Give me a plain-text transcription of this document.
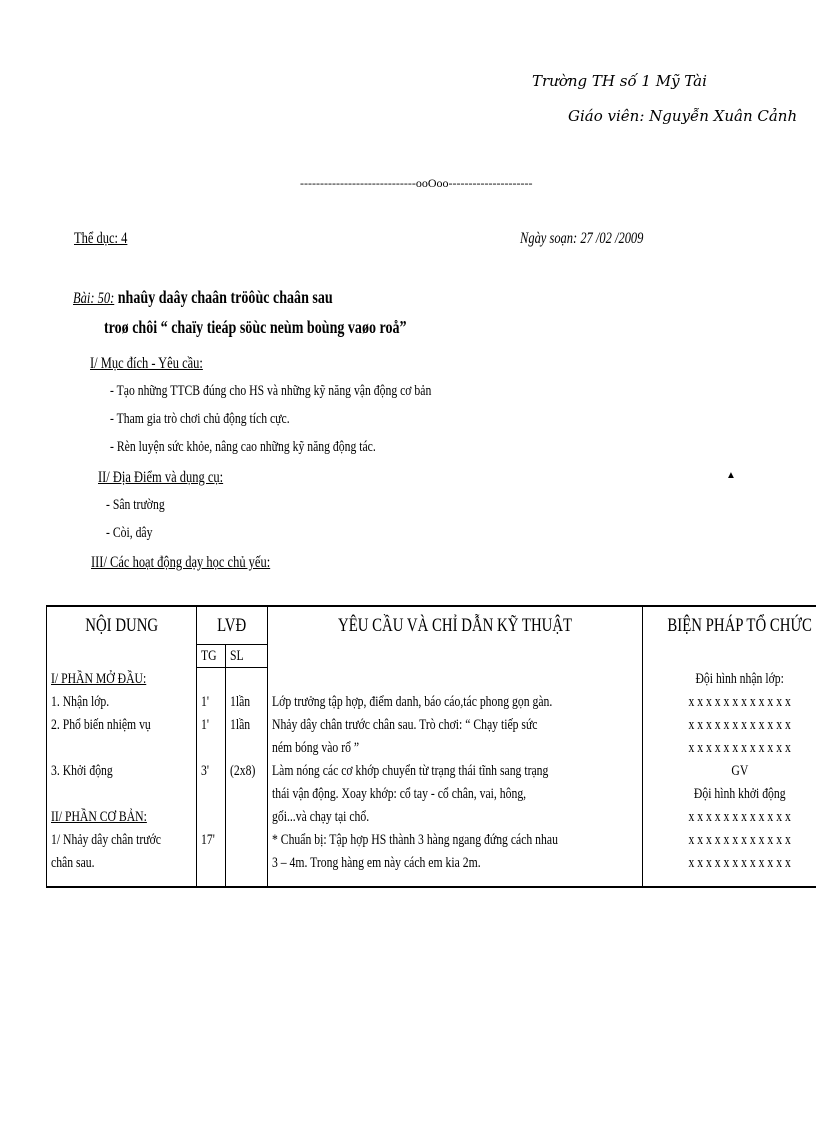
Trường TH số 1 Mỹ Tài
Giáo viên: Nguyễn Xuân Cảnh
-----------------------------ooOoo---------------------
Thể dục: 4	Ngày soạn: 27 /02 /2009
Bài: 50: nhaûy daây chaân tröôùc chaân sau
troø chôi “ chaïy tieáp söùc neùm boùng vaøo roå”
I/ Mục đích - Yêu cầu:
- Tạo những TTCB đúng cho HS và những kỹ năng vận động cơ bản
- Tham gia trò chơi chủ động tích cực.
- Rèn luyện sức khỏe, nâng cao những kỹ năng động tác.
II/ Địa Điểm và dụng cụ:	▲
- Sân trường
- Còi, dây
III/ Các hoạt động dạy học chủ yếu:
NỘI DUNG	LVĐ		YÊU CẦU VÀ CHỈ DẪN KỸ THUẬT	BIỆN PHÁP TỔ CHỨC
	TG	SL		
I/ PHẦN MỞ ĐẦU:				Đội hình nhận lớp:
1. Nhận lớp.	1'	1lần	Lớp trưởng tập hợp, điểm danh, báo cáo,tác phong gọn gàn.	x x x x x x x x x x x x
2. Phổ biến nhiệm vụ	1'	1lần	Nhảy dây chân trước chân sau. Trò chơi: “ Chạy tiếp sức	x x x x x x x x x x x x
			ném bóng vào rổ ”	x x x x x x x x x x x x
3. Khởi động	3'	(2x8)	Làm nóng các cơ khớp chuyển từ trạng thái tĩnh sang trạng	GV
			thái vận động. Xoay khớp: cổ tay - cổ chân, vai, hông,	Đội hình khởi động
II/ PHẦN CƠ BẢN:			gối...và chạy tại chổ.	x x x x x x x x x x x x
1/ Nhảy dây chân trước	17'		* Chuẩn bị: Tập hợp HS thành 3 hàng ngang đứng cách nhau	x x x x x x x x x x x x
chân sau.			3 – 4m. Trong hàng em này cách em kia 2m.	x x x x x x x x x x x x
